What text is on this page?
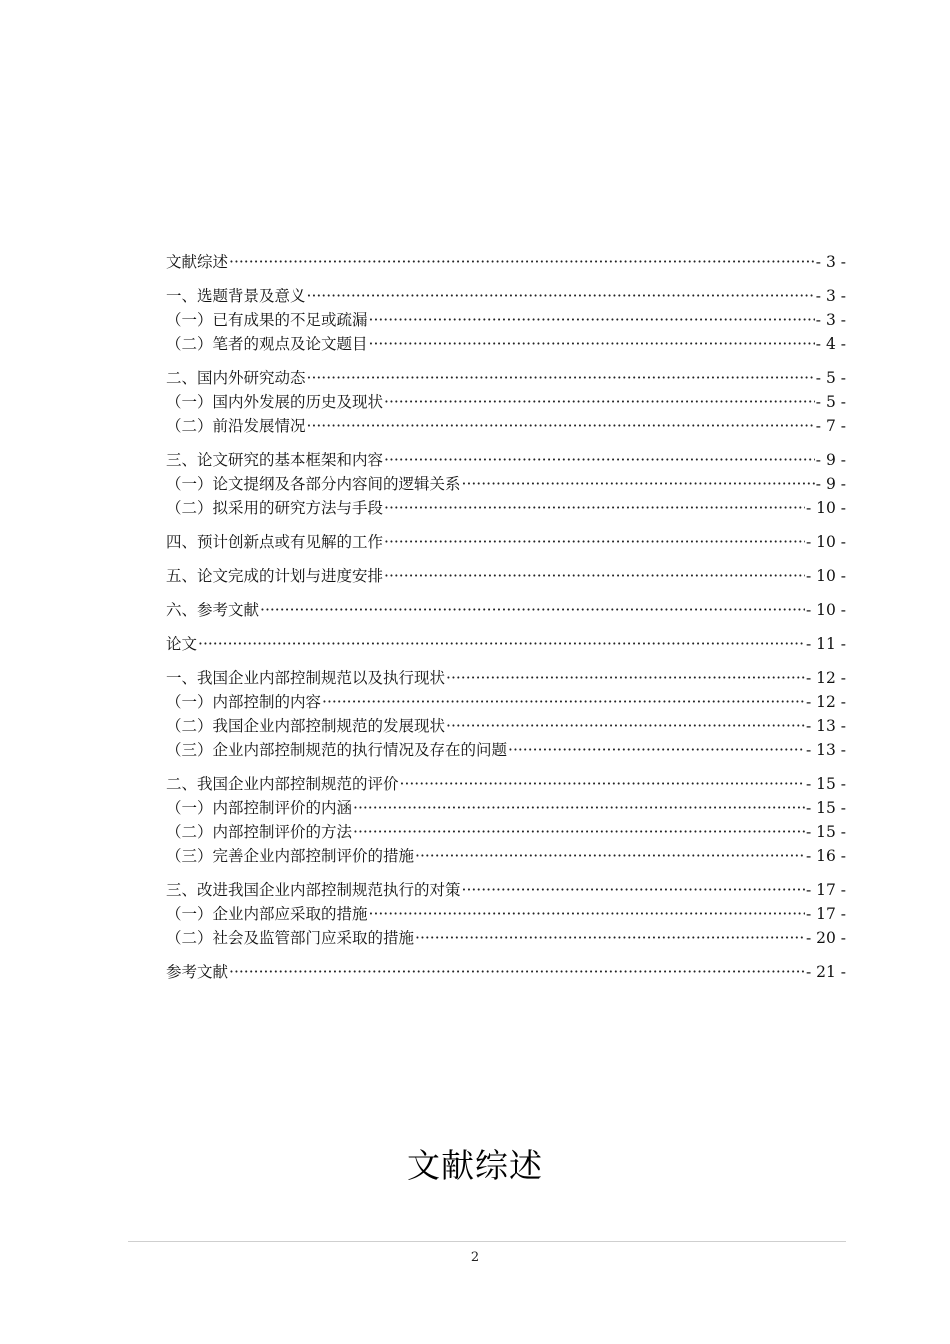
文献综述 ·····	- 3 -
一、选题背景及意义 ·····	- 3 -
（一）已有成果的不足或疏漏 ·····	- 3 -
（二）笔者的观点及论文题目 ·····	- 4 -
二、国内外研究动态 ·····	- 5 -
（一）国内外发展的历史及现状 ·····	- 5 -
（二）前沿发展情况 ·····	- 7 -
三、论文研究的基本框架和内容 ·····	- 9 -
（一）论文提纲及各部分内容间的逻辑关系 ·····	- 9 -
（二）拟采用的研究方法与手段 ·····	- 10 -
四、预计创新点或有见解的工作 ·····	- 10 -
五、论文完成的计划与进度安排 ·····	- 10 -
六、参考文献 ·····	- 10 -
论文 ·····	- 11 -
一、我国企业内部控制规范以及执行现状 ·····	- 12 -
（一）内部控制的内容 ·····	- 12 -
（二）我国企业内部控制规范的发展现状 ·····	- 13 -
（三）企业内部控制规范的执行情况及存在的问题 ·····	- 13 -
二、我国企业内部控制规范的评价 ·····	- 15 -
（一）内部控制评价的内涵 ·····	- 15 -
（二）内部控制评价的方法 ·····	- 15 -
（三）完善企业内部控制评价的措施 ·····	- 16 -
三、改进我国企业内部控制规范执行的对策 ·····	- 17 -
（一）企业内部应采取的措施 ·····	- 17 -
（二）社会及监管部门应采取的措施 ·····	- 20 -
参考文献 ·····	- 21 -
文献综述
2
